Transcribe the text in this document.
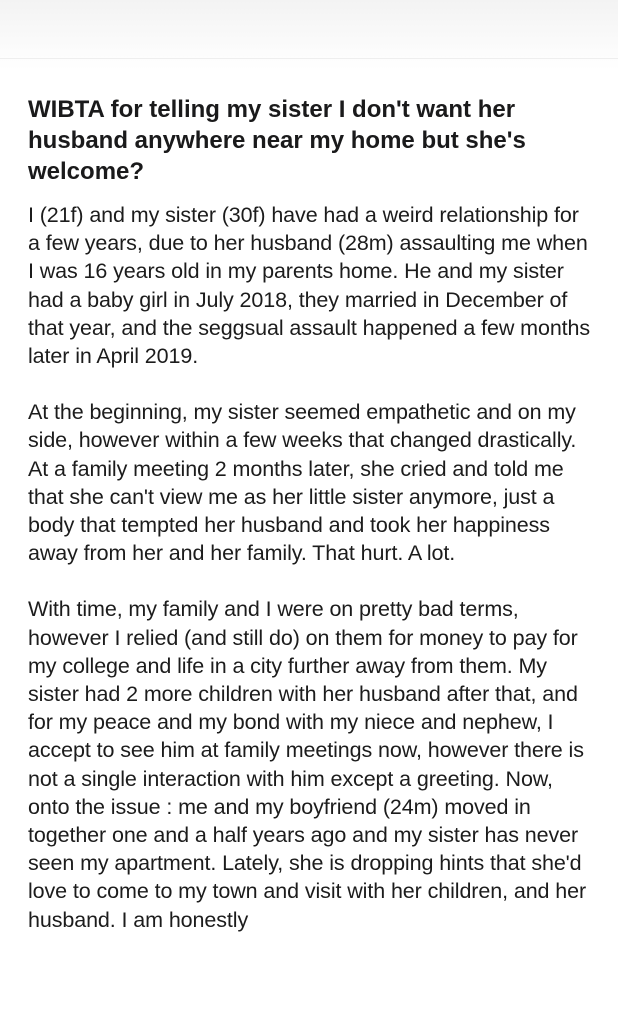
WIBTA for telling my sister I don't want her husband anywhere near my home but she's welcome?

I (21f) and my sister (30f) have had a weird relationship for a few years, due to her husband (28m) assaulting me when I was 16 years old in my parents home. He and my sister had a baby girl in July 2018, they married in December of that year, and the seggsual assault happened a few months later in April 2019.

At the beginning, my sister seemed empathetic and on my side, however within a few weeks that changed drastically. At a family meeting 2 months later, she cried and told me that she can't view me as her little sister anymore, just a body that tempted her husband and took her happiness away from her and her family. That hurt. A lot.

With time, my family and I were on pretty bad terms, however I relied (and still do) on them for money to pay for my college and life in a city further away from them. My sister had 2 more children with her husband after that, and for my peace and my bond with my niece and nephew, I accept to see him at family meetings now, however there is not a single interaction with him except a greeting. Now, onto the issue : me and my boyfriend (24m) moved in together one and a half years ago and my sister has never seen my apartment. Lately, she is dropping hints that she'd love to come to my town and visit with her children, and her husband. I am honestly
